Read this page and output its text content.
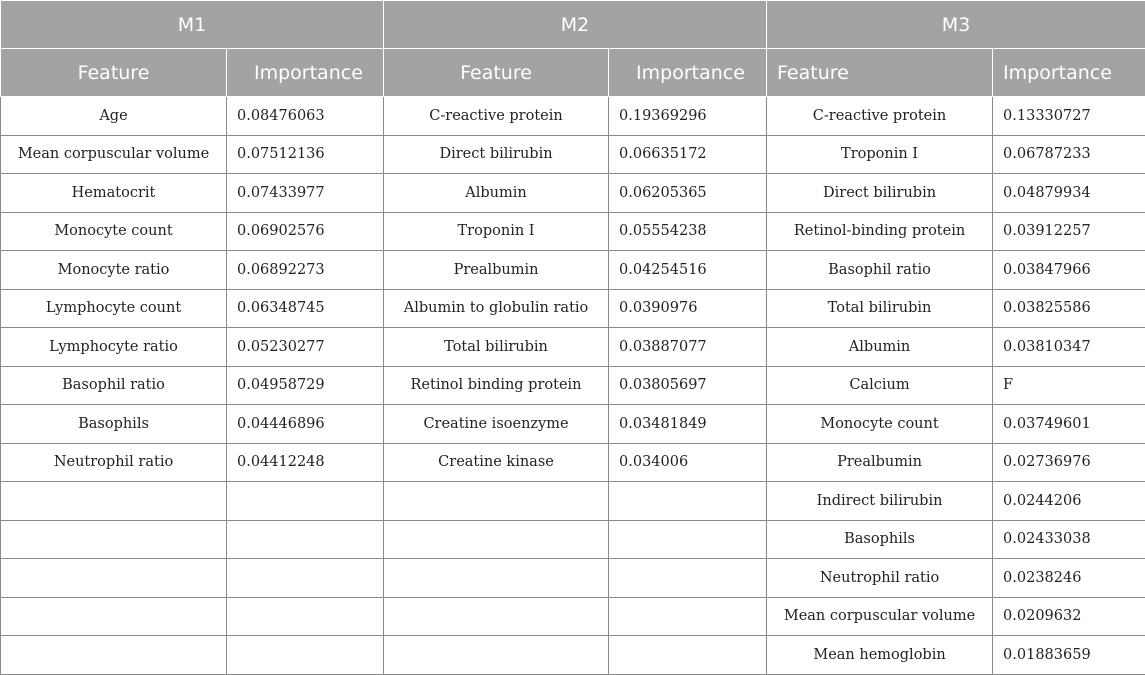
M1		M2		M3	
Feature	Importance	Feature	Importance	Feature	Importance
Age	0.08476063	C-reactive protein	0.19369296	C-reactive protein	0.13330727
Mean corpuscular volume	0.07512136	Direct bilirubin	0.06635172	Troponin I	0.06787233
Hematocrit	0.07433977	Albumin	0.06205365	Direct bilirubin	0.04879934
Monocyte count	0.06902576	Troponin I	0.05554238	Retinol-binding protein	0.03912257
Monocyte ratio	0.06892273	Prealbumin	0.04254516	Basophil ratio	0.03847966
Lymphocyte count	0.06348745	Albumin to globulin ratio	0.0390976	Total bilirubin	0.03825586
Lymphocyte ratio	0.05230277	Total bilirubin	0.03887077	Albumin	0.03810347
Basophil ratio	0.04958729	Retinol binding protein	0.03805697	Calcium	F
Basophils	0.04446896	Creatine isoenzyme	0.03481849	Monocyte count	0.03749601
Neutrophil ratio	0.04412248	Creatine kinase	0.034006	Prealbumin	0.02736976
				Indirect bilirubin	0.0244206
				Basophils	0.02433038
				Neutrophil ratio	0.0238246
				Mean corpuscular volume	0.0209632
				Mean hemoglobin	0.01883659
